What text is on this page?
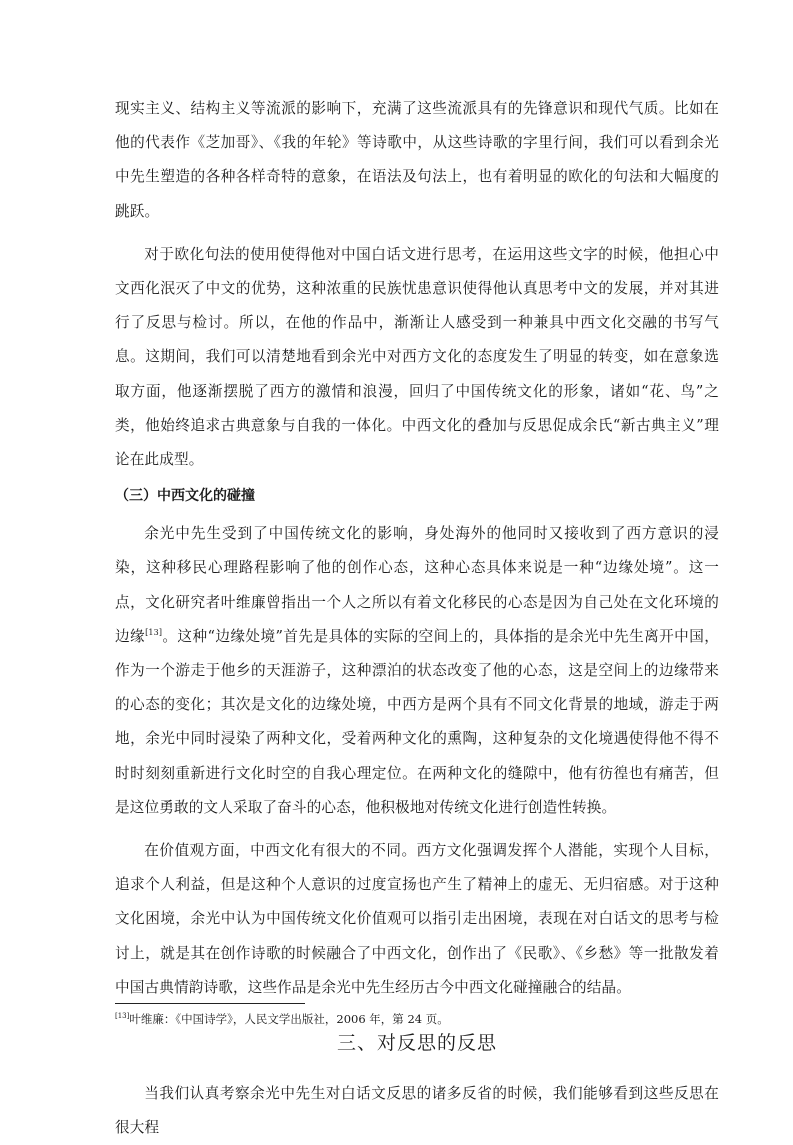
现实主义、结构主义等流派的影响下，充满了这些流派具有的先锋意识和现代气质。比如在他的代表作《芝加哥》、《我的年轮》等诗歌中，从这些诗歌的字里行间，我们可以看到余光中先生塑造的各种各样奇特的意象，在语法及句法上，也有着明显的欧化的句法和大幅度的跳跃。

对于欧化句法的使用使得他对中国白话文进行思考，在运用这些文字的时候，他担心中文西化泯灭了中文的优势，这种浓重的民族忧患意识使得他认真思考中文的发展，并对其进行了反思与检讨。所以，在他的作品中，渐渐让人感受到一种兼具中西文化交融的书写气息。这期间，我们可以清楚地看到余光中对西方文化的态度发生了明显的转变，如在意象选取方面，他逐渐摆脱了西方的激情和浪漫，回归了中国传统文化的形象，诸如“花、鸟”之类，他始终追求古典意象与自我的一体化。中西文化的叠加与反思促成余氏“新古典主义”理论在此成型。

（三）中西文化的碰撞

余光中先生受到了中国传统文化的影响，身处海外的他同时又接收到了西方意识的浸染，这种移民心理路程影响了他的创作心态，这种心态具体来说是一种“边缘处境”。这一点，文化研究者叶维廉曾指出一个人之所以有着文化移民的心态是因为自己处在文化环境的边缘[13]。这种“边缘处境”首先是具体的实际的空间上的，具体指的是余光中先生离开中国，作为一个游走于他乡的天涯游子，这种漂泊的状态改变了他的心态，这是空间上的边缘带来的心态的变化；其次是文化的边缘处境，中西方是两个具有不同文化背景的地域，游走于两地，余光中同时浸染了两种文化，受着两种文化的熏陶，这种复杂的文化境遇使得他不得不时时刻刻重新进行文化时空的自我心理定位。在两种文化的缝隙中，他有彷徨也有痛苦，但是这位勇敢的文人采取了奋斗的心态，他积极地对传统文化进行创造性转换。

在价值观方面，中西文化有很大的不同。西方文化强调发挥个人潜能，实现个人目标，追求个人利益，但是这种个人意识的过度宣扬也产生了精神上的虚无、无归宿感。对于这种文化困境，余光中认为中国传统文化价值观可以指引走出困境，表现在对白话文的思考与检讨上，就是其在创作诗歌的时候融合了中西文化，创作出了《民歌》、《乡愁》等一批散发着中国古典情韵诗歌，这些作品是余光中先生经历古今中西文化碰撞融合的结晶。

三、对反思的反思

当我们认真考察余光中先生对白话文反思的诸多反省的时候，我们能够看到这些反思在很大程

[13]叶维廉：《中国诗学》，人民文学出版社，2006 年，第 24 页。
